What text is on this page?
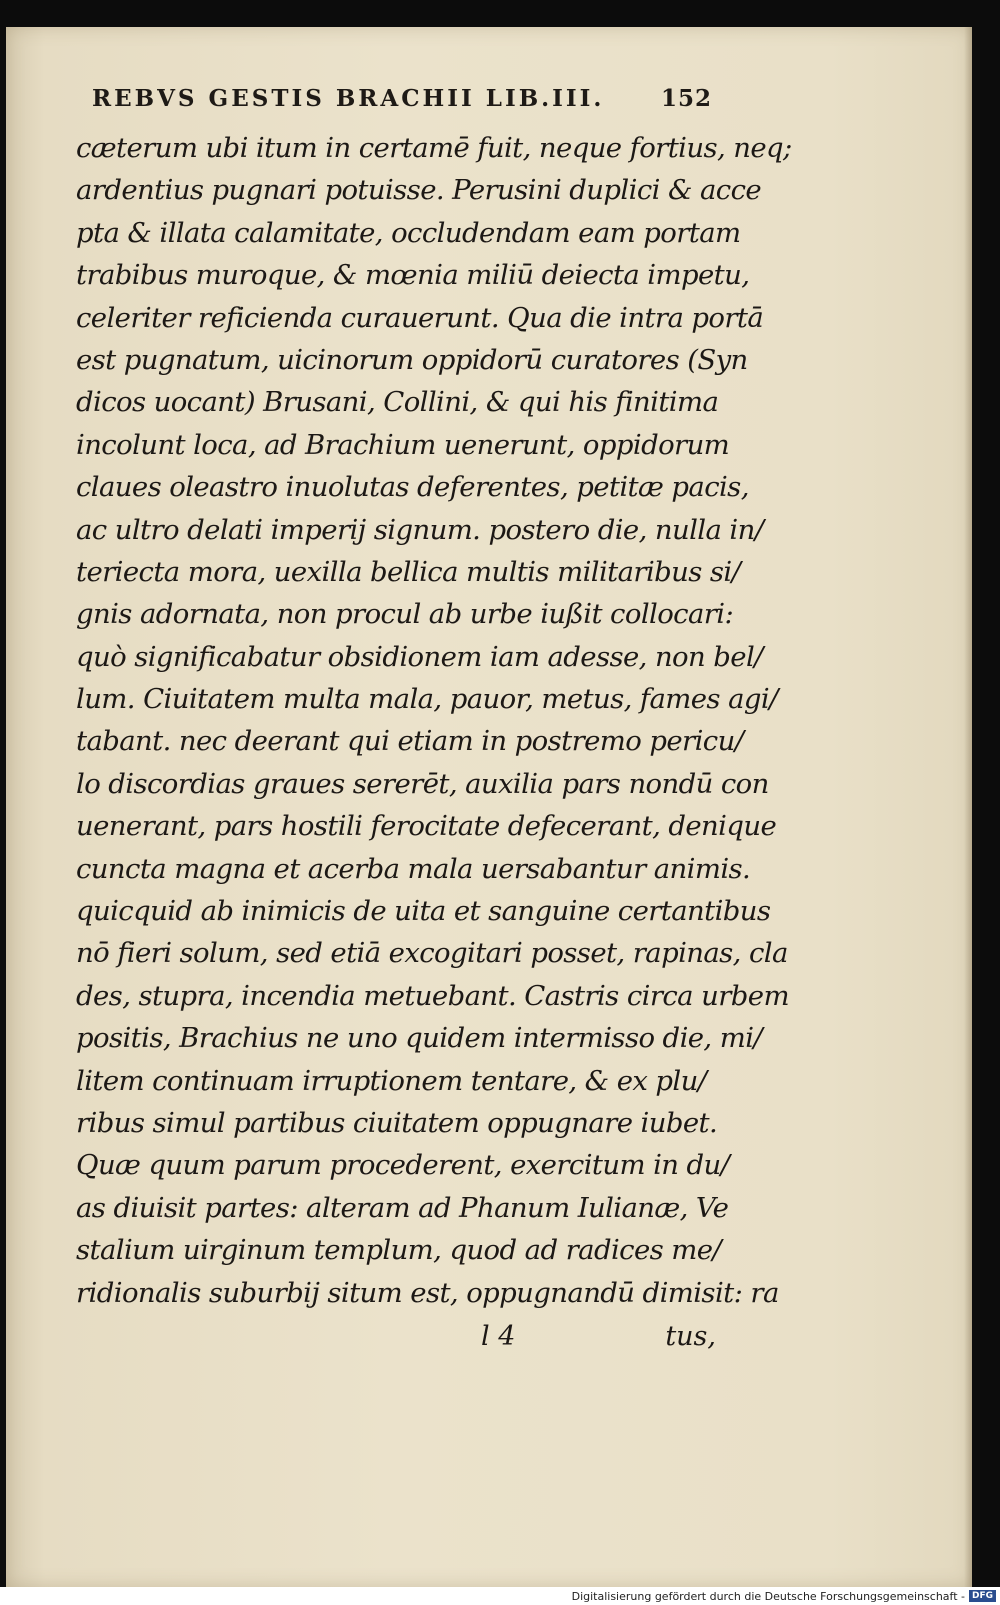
REBVS GESTIS BRACHII LIB.III. 152
cæterum ubi itum in certamē fuit, neque fortius, neq;
ardentius pugnari potuisse. Perusini duplici & acce
pta & illata calamitate, occludendam eam portam
trabibus muroque, & mœnia miliū deiecta impetu,
celeriter reficienda curauerunt. Qua die intra portā
est pugnatum, uicinorum oppidorū curatores (Syn
dicos uocant) Brusani, Collini, & qui his finitima
incolunt loca, ad Brachium uenerunt, oppidorum
claues oleastro inuolutas deferentes, petitæ pacis,
ac ultro delati imperij signum. postero die, nulla in/
teriecta mora, uexilla bellica multis militaribus si/
gnis adornata, non procul ab urbe iußit collocari:
quò significabatur obsidionem iam adesse, non bel/
lum. Ciuitatem multa mala, pauor, metus, fames agi/
tabant. nec deerant qui etiam in postremo pericu/
lo discordias graues sererēt, auxilia pars nondū con
uenerant, pars hostili ferocitate defecerant, denique
cuncta magna et acerba mala uersabantur animis.
quicquid ab inimicis de uita et sanguine certantibus
nō fieri solum, sed etiā excogitari posset, rapinas, cla
des, stupra, incendia metuebant. Castris circa urbem
positis, Brachius ne uno quidem intermisso die, mi/
litem continuam irruptionem tentare, & ex plu/
ribus simul partibus ciuitatem oppugnare iubet.
Quæ quum parum procederent, exercitum in du/
as diuisit partes: alteram ad Phanum Iulianæ, Ve
stalium uirginum templum, quod ad radices me/
ridionalis suburbij situm est, oppugnandū dimisit: ra
l 4	tus,
Digitalisierung gefördert durch die Deutsche Forschungsgemeinschaft - DFG
